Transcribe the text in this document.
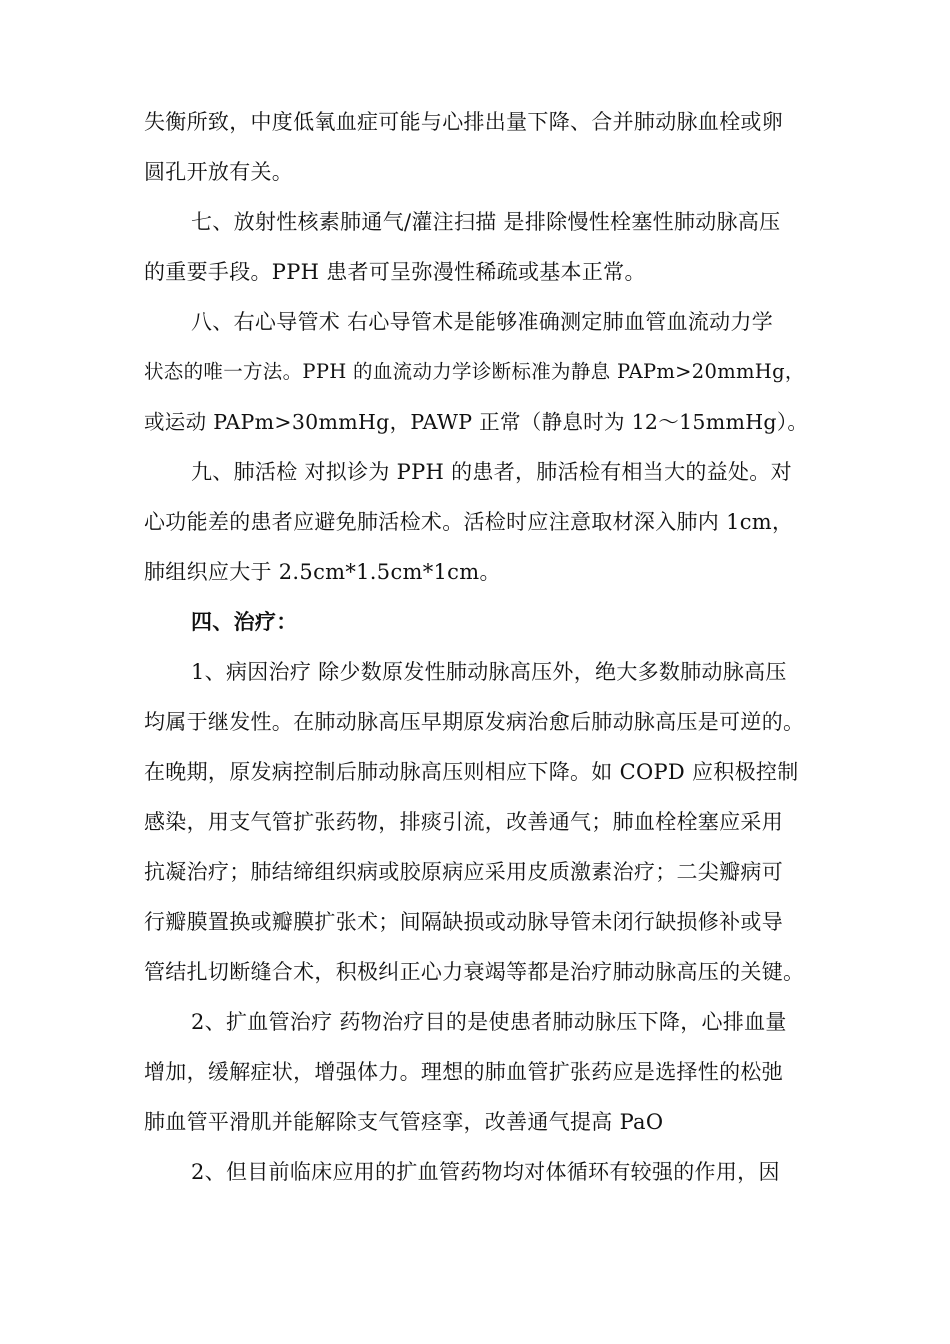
失衡所致，中度低氧血症可能与心排出量下降、合并肺动脉血栓或卵
圆孔开放有关。
七、放射性核素肺通气/灌注扫描 是排除慢性栓塞性肺动脉高压
的重要手段。PPH 患者可呈弥漫性稀疏或基本正常。
八、右心导管术 右心导管术是能够准确测定肺血管血流动力学
状态的唯一方法。PPH 的血流动力学诊断标准为静息 PAPm>20mmHg，
或运动 PAPm>30mmHg，PAWP 正常（静息时为 12～15mmHg）。
九、肺活检 对拟诊为 PPH 的患者，肺活检有相当大的益处。对
心功能差的患者应避免肺活检术。活检时应注意取材深入肺内 1cm，
肺组织应大于 2.5cm*1.5cm*1cm。
四、治疗：
1、病因治疗 除少数原发性肺动脉高压外，绝大多数肺动脉高压
均属于继发性。在肺动脉高压早期原发病治愈后肺动脉高压是可逆的。
在晚期，原发病控制后肺动脉高压则相应下降。如 COPD 应积极控制
感染，用支气管扩张药物，排痰引流，改善通气；肺血栓栓塞应采用
抗凝治疗；肺结缔组织病或胶原病应采用皮质激素治疗；二尖瓣病可
行瓣膜置换或瓣膜扩张术；间隔缺损或动脉导管未闭行缺损修补或导
管结扎切断缝合术，积极纠正心力衰竭等都是治疗肺动脉高压的关键。
2、扩血管治疗 药物治疗目的是使患者肺动脉压下降，心排血量
增加，缓解症状，增强体力。理想的肺血管扩张药应是选择性的松弛
肺血管平滑肌并能解除支气管痉挛，改善通气提高 PaO
2、但目前临床应用的扩血管药物均对体循环有较强的作用，因
